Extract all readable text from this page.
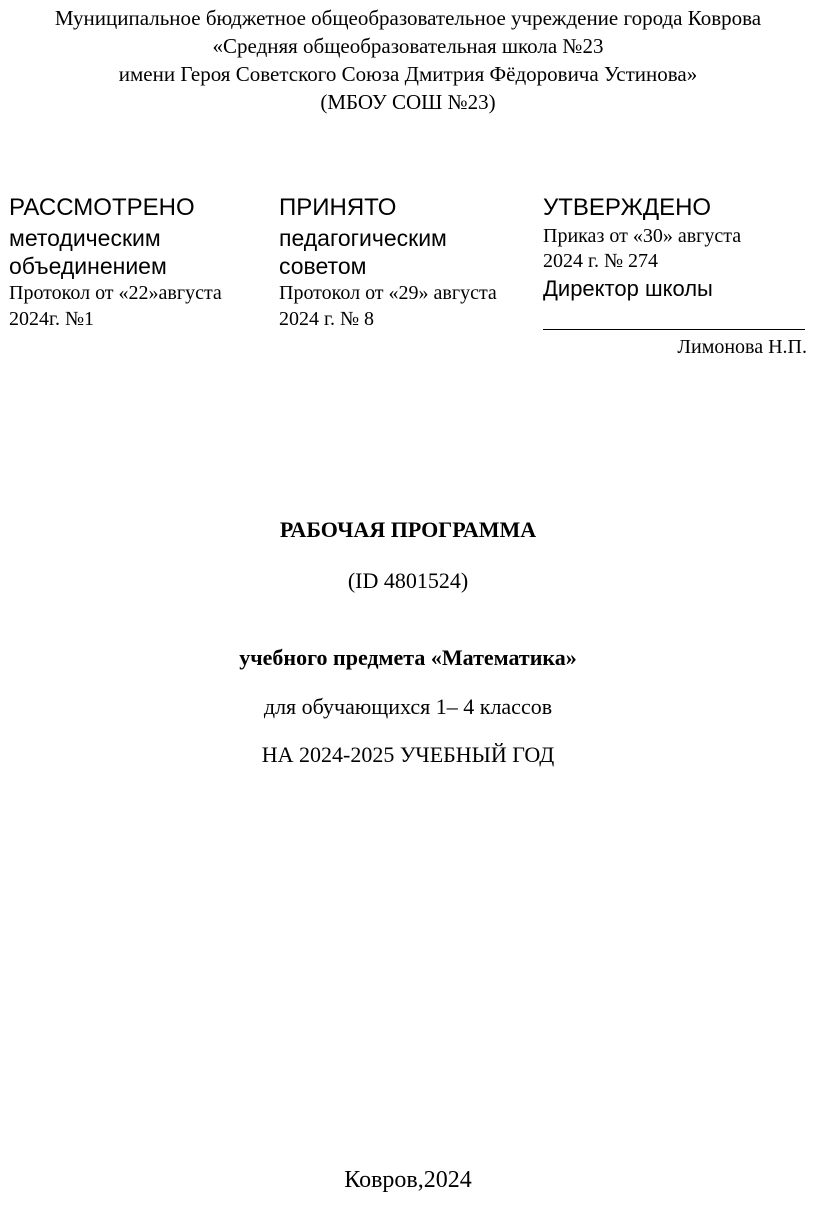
Муниципальное бюджетное общеобразовательное учреждение города Коврова
«Средняя общеобразовательная школа №23
имени Героя Советского Союза Дмитрия Фёдоровича Устинова»
(МБОУ СОШ №23)
РАССМОТРЕНО
методическим
объединением
Протокол от «22»августа
2024г. №1
ПРИНЯТО
педагогическим
советом
Протокол от «29» августа
2024 г. № 8
УТВЕРЖДЕНО
Приказ от «30» августа
2024 г. № 274
Директор школы
Лимонова Н.П.
РАБОЧАЯ ПРОГРАММА
(ID 4801524)
учебного предмета «Математика»
для обучающихся 1– 4 классов
НА 2024-2025 УЧЕБНЫЙ ГОД
Ковров,2024
